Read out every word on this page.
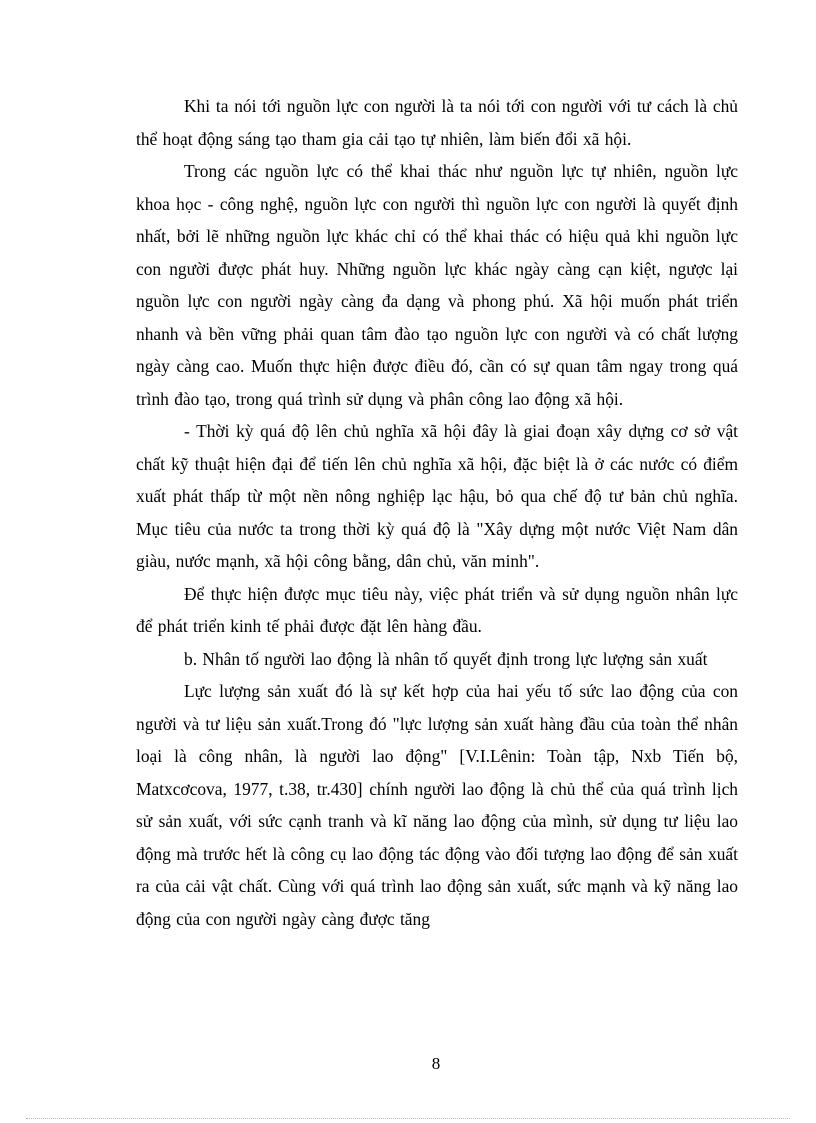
Khi ta nói tới nguồn lực con người là ta nói tới con người với tư cách là chủ thể hoạt động sáng tạo tham gia cải tạo tự nhiên, làm biến đổi xã hội.

Trong các nguồn lực có thể khai thác như nguồn lực tự nhiên, nguồn lực khoa học - công nghệ, nguồn lực con người thì nguồn lực con người là quyết định nhất, bởi lẽ những nguồn lực khác chỉ có thể khai thác có hiệu quả khi nguồn lực con người được phát huy. Những nguồn lực khác ngày càng cạn kiệt, ngược lại nguồn lực con người ngày càng đa dạng và phong phú. Xã hội muốn phát triển nhanh và bền vững phải quan tâm đào tạo nguồn lực con người và có chất lượng ngày càng cao. Muốn thực hiện được điều đó, cần có sự quan tâm ngay trong quá trình đào tạo, trong quá trình sử dụng và phân công lao động xã hội.

- Thời kỳ quá độ lên chủ nghĩa xã hội đây là giai đoạn xây dựng cơ sở vật chất kỹ thuật hiện đại để tiến lên chủ nghĩa xã hội, đặc biệt là ở các nước có điểm xuất phát thấp từ một nền nông nghiệp lạc hậu, bỏ qua chế độ tư bản chủ nghĩa. Mục tiêu của nước ta trong thời kỳ quá độ là "Xây dựng một nước Việt Nam dân giàu, nước mạnh, xã hội công bằng, dân chủ, văn minh".

Để thực hiện được mục tiêu này, việc phát triển và sử dụng nguồn nhân lực để phát triển kinh tế phải được đặt lên hàng đầu.

b. Nhân tố người lao động là nhân tố quyết định trong lực lượng sản xuất

Lực lượng sản xuất đó là sự kết hợp của hai yếu tố sức lao động của con người và tư liệu sản xuất.Trong đó "lực lượng sản xuất hàng đầu của toàn thể nhân loại là công nhân, là người lao động" [V.I.Lênin: Toàn tập, Nxb Tiến bộ, Matxcơcova, 1977, t.38, tr.430] chính người lao động là chủ thể của quá trình lịch sử sản xuất, với sức cạnh tranh và kĩ năng lao động của mình, sử dụng tư liệu lao động mà trước hết là công cụ lao động tác động vào đối tượng lao động để sản xuất ra của cải vật chất. Cùng với quá trình lao động sản xuất, sức mạnh và kỹ năng lao động của con người ngày càng được tăng

8
